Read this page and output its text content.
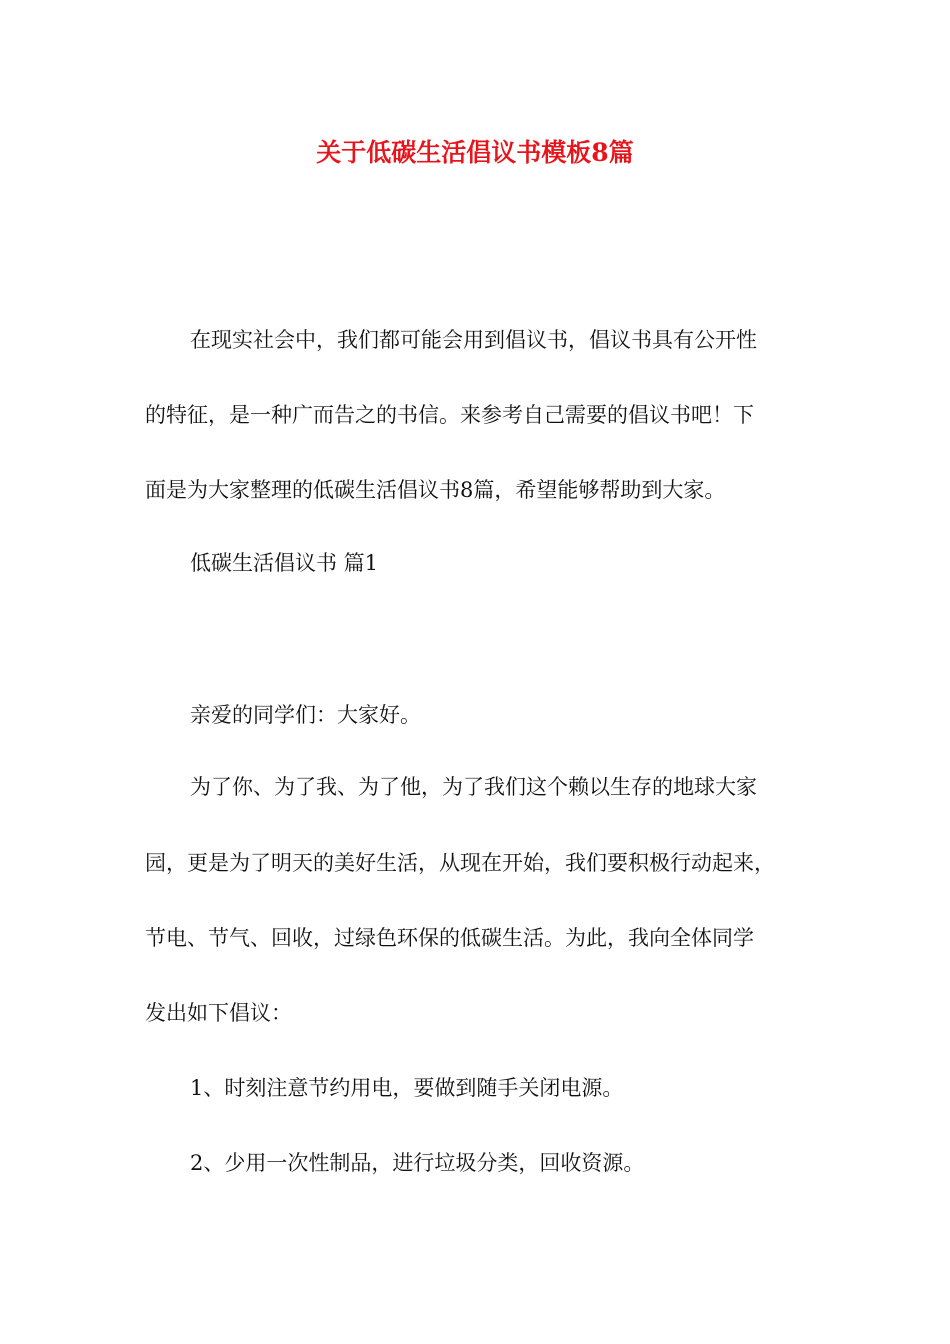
关于低碳生活倡议书模板8篇
在现实社会中，我们都可能会用到倡议书，倡议书具有公开性
的特征，是一种广而告之的书信。来参考自己需要的倡议书吧！下
面是为大家整理的低碳生活倡议书8篇，希望能够帮助到大家。
低碳生活倡议书 篇1
亲爱的同学们：大家好。
为了你、为了我、为了他，为了我们这个赖以生存的地球大家
园，更是为了明天的美好生活，从现在开始，我们要积极行动起来，
节电、节气、回收，过绿色环保的低碳生活。为此，我向全体同学
发出如下倡议：
1、时刻注意节约用电，要做到随手关闭电源。
2、少用一次性制品，进行垃圾分类，回收资源。
